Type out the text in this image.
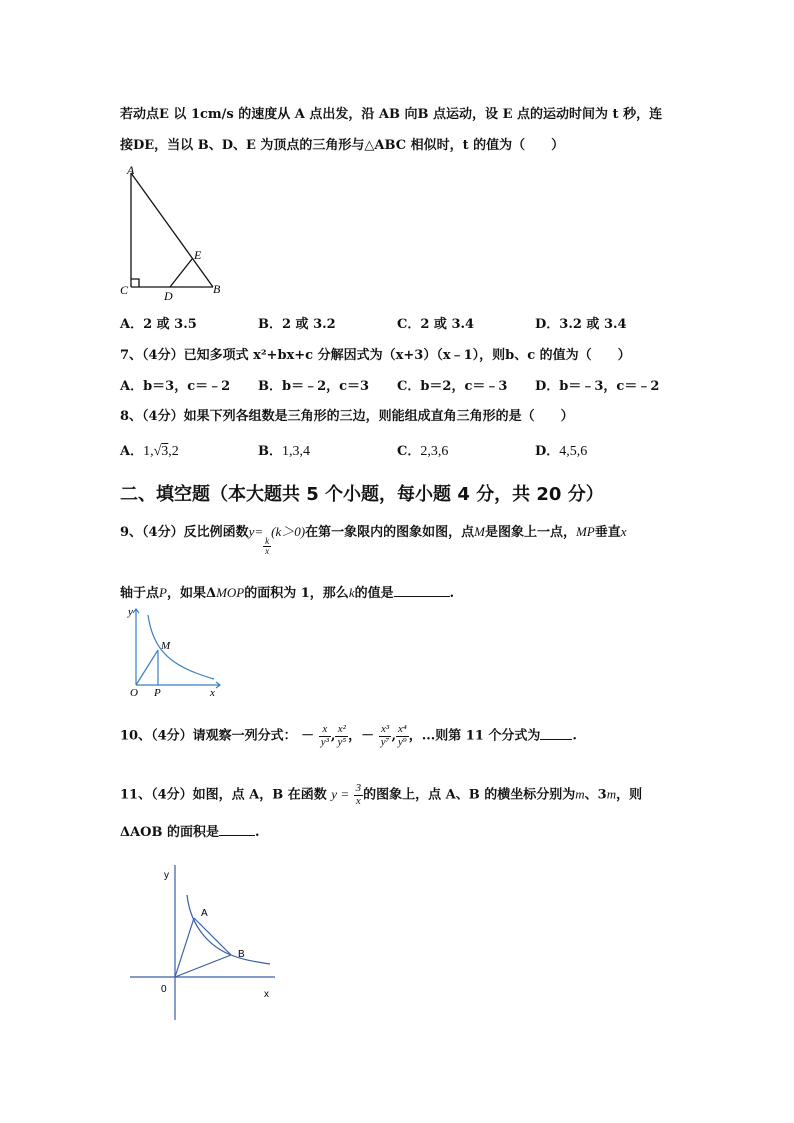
若动点E 以 1cm/s 的速度从 A 点出发，沿 AB 向B 点运动，设 E 点的运动时间为 t 秒，连
接DE，当以 B、D、E 为顶点的三角形与△ABC 相似时，t 的值为（　　）
A
C	D
E
B
A．2 或 3.5	B．2 或 3.2	C．2 或 3.4	D．3.2 或 3.4
7、（4分）已知多项式 x²+bx+c 分解因式为（x+3）（x﹣1），则b、c 的值为（　　）
A．b＝3，c＝﹣2 B．b＝﹣2，c＝3 C．b＝2，c＝﹣3 D．b＝﹣3，c＝﹣2
8、（4分）如果下列各组数是三角形的三边，则能组成直角三角形的是（　　）
A．1,√3,2	B．1,3,4	C．2,3,6	D．4,5,6
二、填空题（本大题共 5 个小题，每小题 4 分，共 20 分）
9、（4分）反比例函数y=
$\frac{k}{x}$
(k＞0)在第一象限内的图象如图，点M是图象上一点，MP垂直x
轴于点P，如果ΔMOP的面积为 1，那么k的值是	.
y
M
O P	x
10、（4分）请观察一列分式： － $\frac{x}{\text{y³}}$ , $\frac{\text{x²}}{\text{y⁵}}$ ，－ $\frac{\text{x³}}{\text{y⁷}}$ , $\frac{\text{x⁴}}{\text{y⁹}}$ ，...则第 11 个分式为 .
11、（4分）如图，点 A，B 在函数 $y = \frac{3}{x}$ 的图象上，点 A、B 的横坐标分别为m、3m，则
ΔAOB 的面积是	.
y
A
B
0	x
